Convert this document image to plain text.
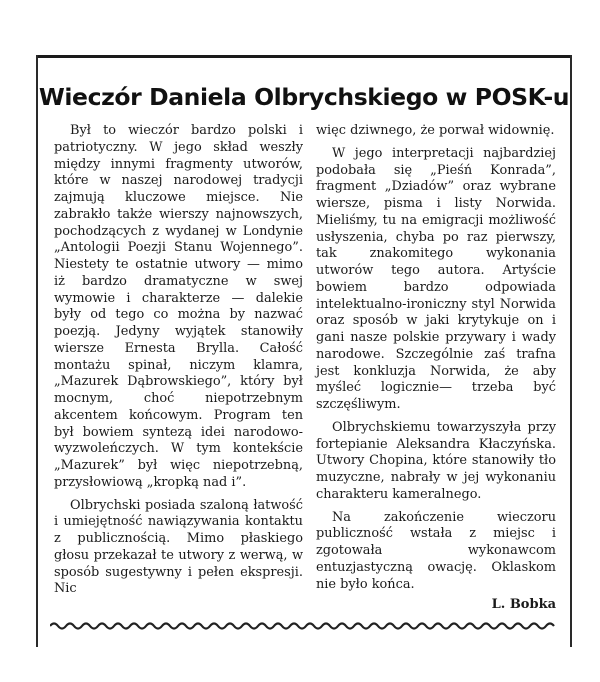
Wieczór Daniela Olbrychskiego w POSK-u

Był to wieczór bardzo polski i patriotyczny. W jego skład weszły między innymi fragmenty utworów, które w naszej narodowej tradycji zajmują kluczowe miejsce. Nie zabrakło także wierszy najnowszych, pochodzących z wydanej w Londynie „Antologii Poezji Stanu Wojennego”. Niestety te ostatnie utwory — mimo iż bardzo dramatyczne w swej wymowie i charakterze — dalekie były od tego co można by nazwać poezją. Jedyny wyjątek stanowiły wiersze Ernesta Brylla. Całość montażu spinał, niczym klamra, „Mazurek Dąbrowskiego”, który był mocnym, choć niepotrzebnym akcentem końcowym. Program ten był bowiem syntezą idei narodowo-wyzwoleńczych. W tym kontekście „Mazurek” był więc niepotrzebną, przysłowiową „kropką nad i”.

Olbrychski posiada szaloną łatwość i umiejętność nawiązywania kontaktu z publicznością. Mimo płaskiego głosu przekazał te utwory z werwą, w sposób sugestywny i pełen ekspresji. Nic

więc dziwnego, że porwał widownię.

W jego interpretacji najbardziej podobała się „Pieśń Konrada”, fragment „Dziadów” oraz wybrane wiersze, pisma i listy Norwida. Mieliśmy, tu na emigracji możliwość usłyszenia, chyba po raz pierwszy, tak znakomitego wykonania utworów tego autora. Artyście bowiem bardzo odpowiada intelektualno-ironiczny styl Norwida oraz sposób w jaki krytykuje on i gani nasze polskie przywary i wady narodowe. Szczególnie zaś trafna jest konkluzja Norwida, że aby myśleć logicznie— trzeba być szczęśliwym.

Olbrychskiemu towarzyszyła przy fortepianie Aleksandra Kłaczyńska. Utwory Chopina, które stanowiły tło muzyczne, nabrały w jej wykonaniu charakteru kameralnego.

Na zakończenie wieczoru publiczność wstała z miejsc i zgotowała wykonawcom entuzjastyczną owację. Oklaskom nie było końca.

L. Bobka
